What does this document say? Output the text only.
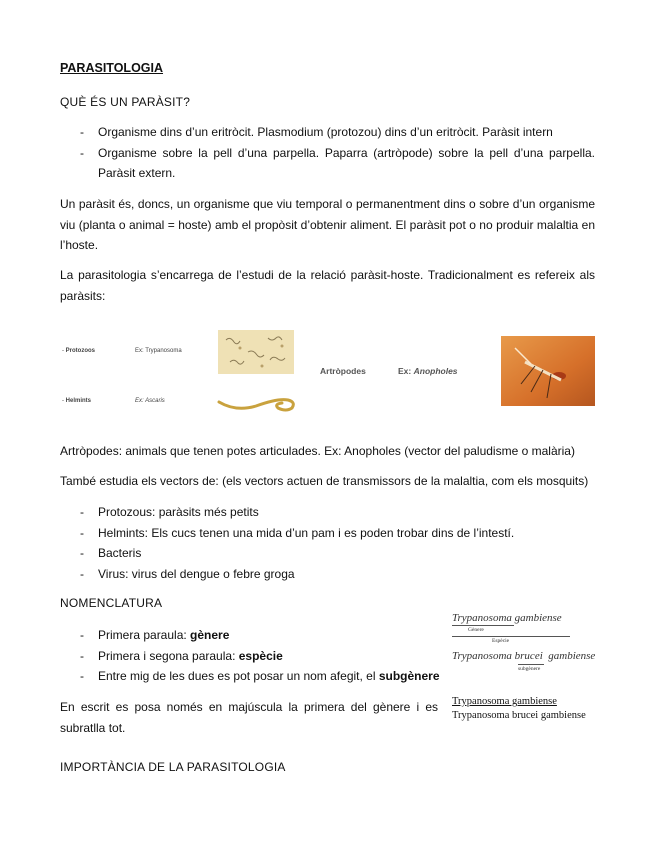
PARASITOLOGIA
QUÈ ÉS UN PARÀSIT?
- Organisme dins d’un eritròcit. Plasmodium (protozou) dins d’un eritròcit. Paràsit intern
- Organisme sobre la pell d’una parpella. Paparra (artròpode) sobre la pell d’una parpella. Paràsit extern.
Un paràsit és, doncs, un organisme que viu temporal o permanentment dins o sobre d’un organisme viu (planta o animal = hoste) amb el propòsit d’obtenir aliment. El paràsit pot o no produir malaltia en l’hoste.
La parasitologia s’encarrega de l’estudi de la relació paràsit-hoste. Tradicionalment es refereix als paràsits:
- Protozoos	Ex: Trypanosoma
- Helmints	Ex: Ascaris
Artròpodes	Ex: Anopholes
Artròpodes: animals que tenen potes articulades. Ex: Anopholes (vector del paludisme o malària)
També estudia els vectors de: (els vectors actuen de transmissors de la malaltia, com els mosquits)
- Protozous: paràsits més petits
- Helmints: Els cucs tenen una mida d’un pam i es poden trobar dins de l’intestí.
- Bacteris
- Virus: virus del dengue o febre groga
NOMENCLATURA
- Primera paraula: gènere
- Primera i segona paraula: espècie
- Entre mig de les dues es pot posar un nom afegit, el subgènere
En escrit es posa només en majúscula la primera del gènere i es subratlla tot.
Trypanosoma gambiense
Gènere
Espècie
Trypanosoma brucei gambiense
subgènere
Trypanosoma gambiense
Trypanosoma brucei gambiense
IMPORTÀNCIA DE LA PARASITOLOGIA
